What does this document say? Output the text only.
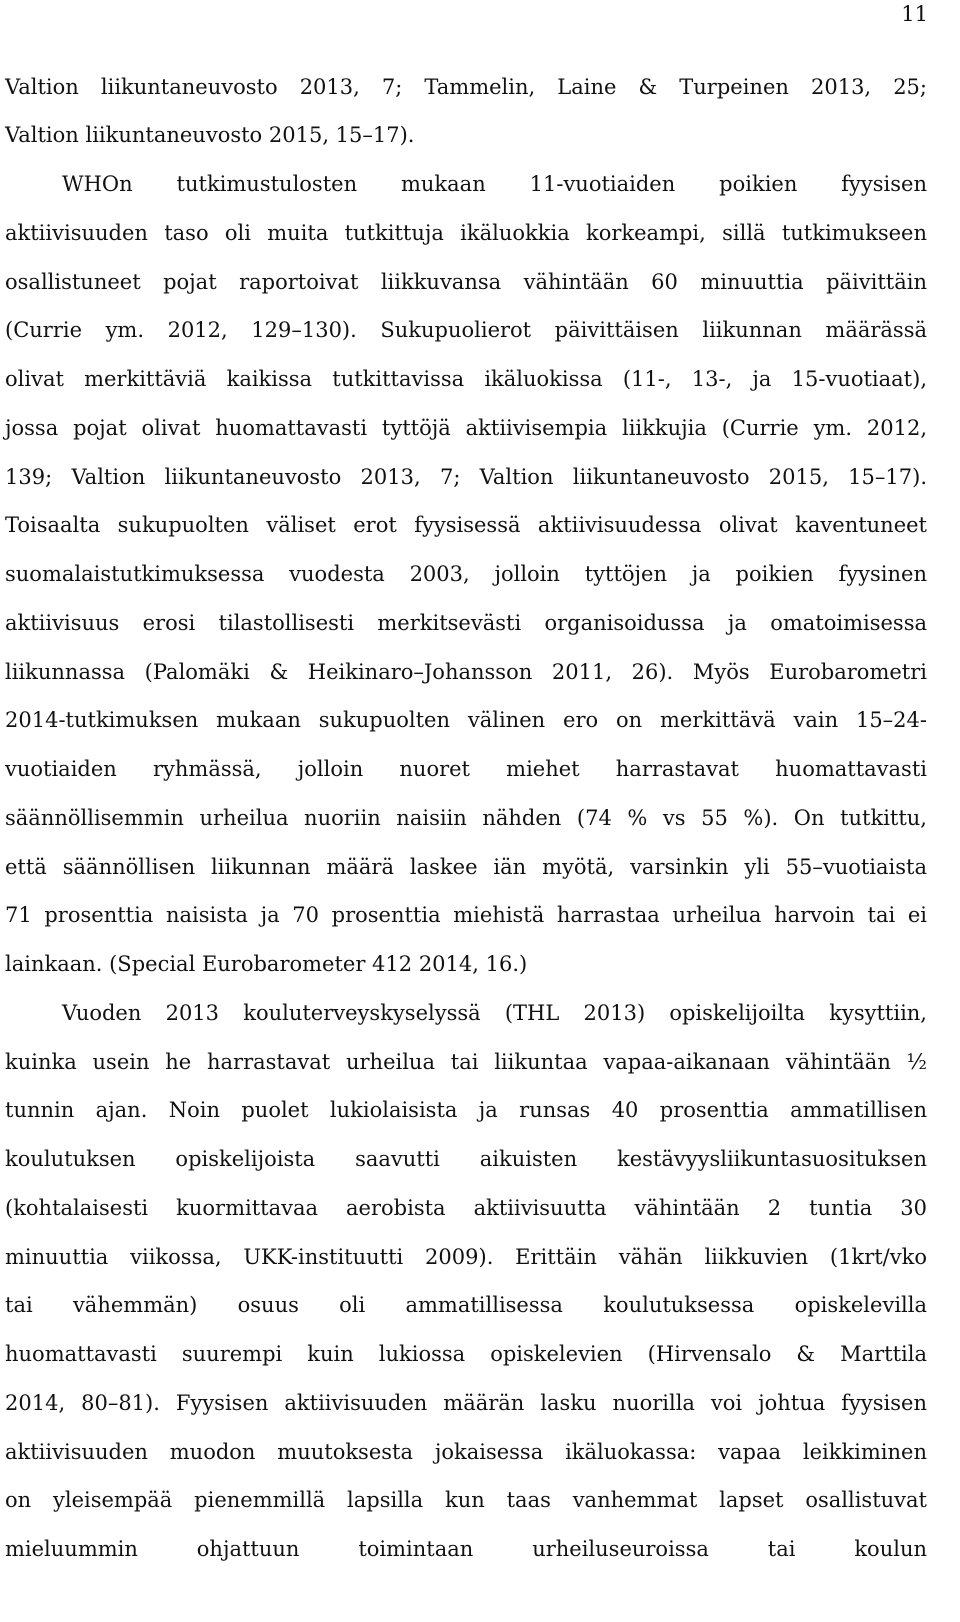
11
Valtion liikuntaneuvosto 2013, 7; Tammelin, Laine & Turpeinen 2013, 25;
Valtion liikuntaneuvosto 2015, 15–17).
WHOn tutkimustulosten mukaan 11-vuotiaiden poikien fyysisen
aktiivisuuden taso oli muita tutkittuja ikäluokkia korkeampi, sillä tutkimukseen
osallistuneet pojat raportoivat liikkuvansa vähintään 60 minuuttia päivittäin
(Currie ym. 2012, 129–130). Sukupuolierot päivittäisen liikunnan määrässä
olivat merkittäviä kaikissa tutkittavissa ikäluokissa (11-, 13-, ja 15-vuotiaat),
jossa pojat olivat huomattavasti tyttöjä aktiivisempia liikkujia (Currie ym. 2012,
139; Valtion liikuntaneuvosto 2013, 7; Valtion liikuntaneuvosto 2015, 15–17).
Toisaalta sukupuolten väliset erot fyysisessä aktiivisuudessa olivat kaventuneet
suomalaistutkimuksessa vuodesta 2003, jolloin tyttöjen ja poikien fyysinen
aktiivisuus erosi tilastollisesti merkitsevästi organisoidussa ja omatoimisessa
liikunnassa (Palomäki & Heikinaro–Johansson 2011, 26). Myös Eurobarometri
2014-tutkimuksen mukaan sukupuolten välinen ero on merkittävä vain 15–24-
vuotiaiden ryhmässä, jolloin nuoret miehet harrastavat huomattavasti
säännöllisemmin urheilua nuoriin naisiin nähden (74 % vs 55 %). On tutkittu,
että säännöllisen liikunnan määrä laskee iän myötä, varsinkin yli 55–vuotiaista
71 prosenttia naisista ja 70 prosenttia miehistä harrastaa urheilua harvoin tai ei
lainkaan. (Special Eurobarometer 412 2014, 16.)
Vuoden 2013 kouluterveyskyselyssä (THL 2013) opiskelijoilta kysyttiin,
kuinka usein he harrastavat urheilua tai liikuntaa vapaa-aikanaan vähintään ½
tunnin ajan. Noin puolet lukiolaisista ja runsas 40 prosenttia ammatillisen
koulutuksen opiskelijoista saavutti aikuisten kestävyysliikuntasuosituksen
(kohtalaisesti kuormittavaa aerobista aktiivisuutta vähintään 2 tuntia 30
minuuttia viikossa, UKK-instituutti 2009). Erittäin vähän liikkuvien (1krt/vko
tai vähemmän) osuus oli ammatillisessa koulutuksessa opiskelevilla
huomattavasti suurempi kuin lukiossa opiskelevien (Hirvensalo & Marttila
2014, 80–81). Fyysisen aktiivisuuden määrän lasku nuorilla voi johtua fyysisen
aktiivisuuden muodon muutoksesta jokaisessa ikäluokassa: vapaa leikkiminen
on yleisempää pienemmillä lapsilla kun taas vanhemmat lapset osallistuvat
mieluummin ohjattuun toimintaan urheiluseuroissa tai koulun
